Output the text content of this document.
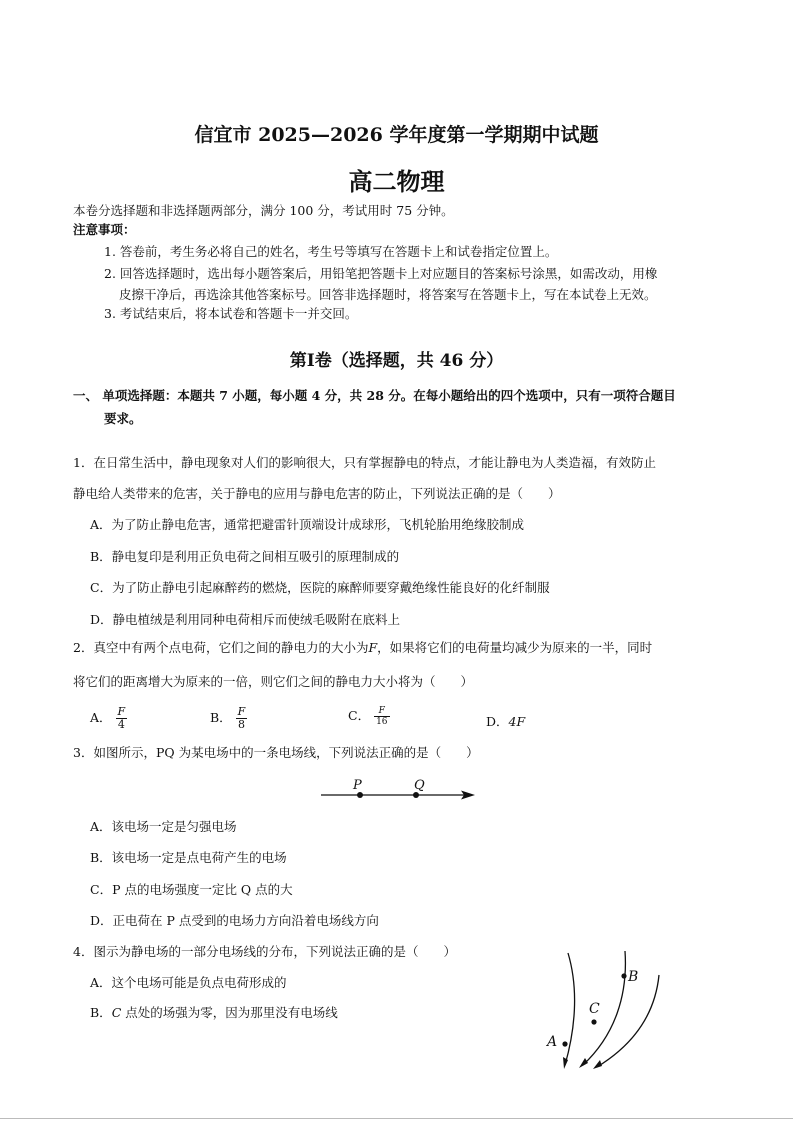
信宜市 2025—2026 学年度第一学期期中试题
高二物理
本卷分选择题和非选择题两部分，满分 100 分，考试用时 75 分钟。
注意事项：
1. 答卷前，考生务必将自己的姓名，考生号等填写在答题卡上和试卷指定位置上。
2. 回答选择题时，选出每小题答案后，用铅笔把答题卡上对应题目的答案标号涂黑，如需改动，用橡
皮擦干净后，再选涂其他答案标号。回答非选择题时，将答案写在答题卡上，写在本试卷上无效。
3. 考试结束后，将本试卷和答题卡一并交回。
第Ⅰ卷（选择题，共 46 分）
一、 单项选择题：本题共 7 小题，每小题 4 分，共 28 分。在每小题给出的四个选项中，只有一项符合题目
要求。
1．在日常生活中，静电现象对人们的影响很大，只有掌握静电的特点，才能让静电为人类造福，有效防止
静电给人类带来的危害，关于静电的应用与静电危害的防止，下列说法正确的是（　　）
A．为了防止静电危害，通常把避雷针顶端设计成球形，飞机轮胎用绝缘胶制成
B．静电复印是利用正负电荷之间相互吸引的原理制成的
C．为了防止静电引起麻醉药的燃烧，医院的麻醉师要穿戴绝缘性能良好的化纤制服
D．静电植绒是利用同种电荷相斥而使绒毛吸附在底料上
2．真空中有两个点电荷，它们之间的静电力的大小为F，如果将它们的电荷量均减少为原来的一半，同时
将它们的距离增大为原来的一倍，则它们之间的静电力大小将为（　　）
A． $\frac{F}{4}$	B． $\frac{F}{8}$	C． $\frac{F}{16}$	D．4F
3．如图所示，PQ 为某电场中的一条电场线，下列说法正确的是（　　）
P	Q
A．该电场一定是匀强电场
B．该电场一定是点电荷产生的电场
C．P 点的电场强度一定比 Q 点的大
D．正电荷在 P 点受到的电场力方向沿着电场线方向
4．图示为静电场的一部分电场线的分布，下列说法正确的是（　　）
A．这个电场可能是负点电荷形成的
B．C 点处的场强为零，因为那里没有电场线
A
B
C
